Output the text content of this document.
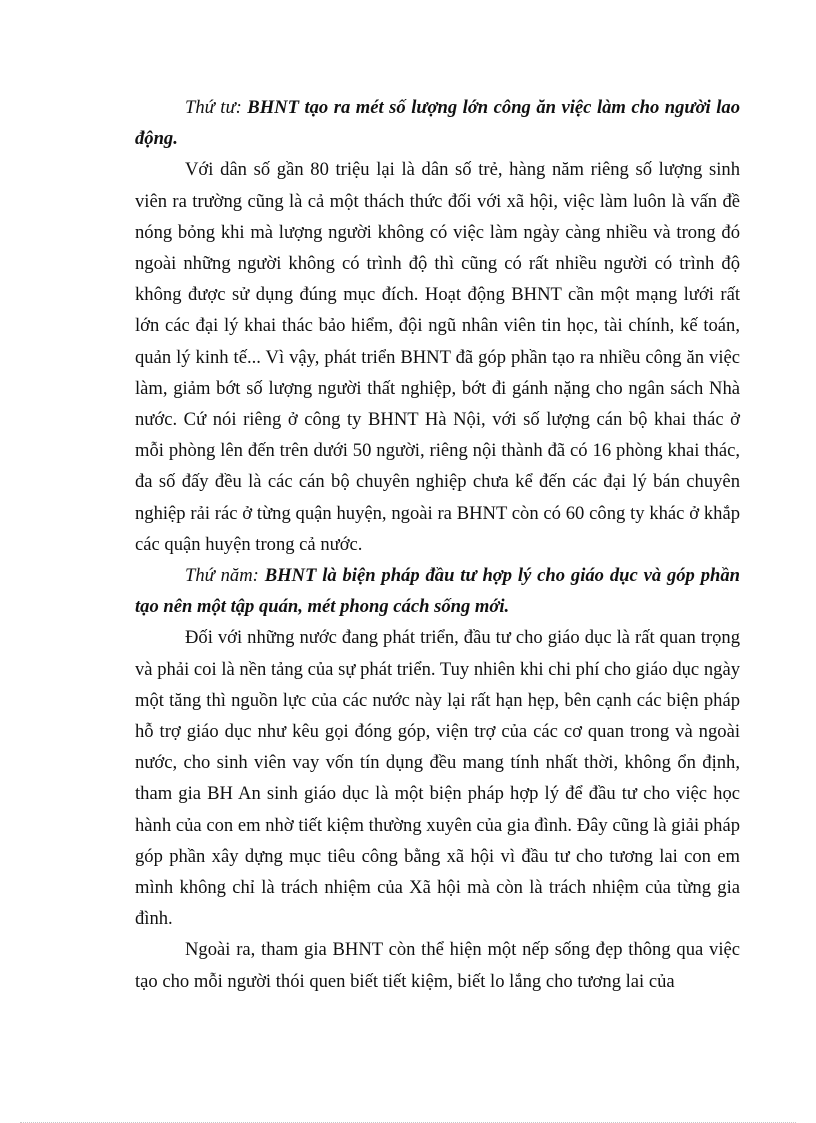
Thứ tư: BHNT tạo ra mét số lượng lớn công ăn việc làm cho người lao động.

Với dân số gần 80 triệu lại là dân số trẻ, hàng năm riêng số lượng sinh viên ra trường cũng là cả một thách thức đối với xã hội, việc làm luôn là vấn đề nóng bỏng khi mà lượng người không có việc làm ngày càng nhiều và trong đó ngoài những người không có trình độ thì cũng có rất nhiều người có trình độ không được sử dụng đúng mục đích. Hoạt động BHNT cần một mạng lưới rất lớn các đại lý khai thác bảo hiểm, đội ngũ nhân viên tin học, tài chính, kế toán, quản lý kinh tế... Vì vậy, phát triển BHNT đã góp phần tạo ra nhiều công ăn việc làm, giảm bớt số lượng người thất nghiệp, bớt đi gánh nặng cho ngân sách Nhà nước. Cứ nói riêng ở công ty BHNT Hà Nội, với số lượng cán bộ khai thác ở mỗi phòng lên đến trên dưới 50 người, riêng nội thành đã có 16 phòng khai thác, đa số đấy đều là các cán bộ chuyên nghiệp chưa kể đến các đại lý bán chuyên nghiệp rải rác ở từng quận huyện, ngoài ra BHNT còn có 60 công ty khác ở khắp các quận huyện trong cả nước.

Thứ năm: BHNT là biện pháp đầu tư hợp lý cho giáo dục và góp phần tạo nên một tập quán, mét phong cách sống mới.

Đối với những nước đang phát triển, đầu tư cho giáo dục là rất quan trọng và phải coi là nền tảng của sự phát triển. Tuy nhiên khi chi phí cho giáo dục ngày một tăng thì nguồn lực của các nước này lại rất hạn hẹp, bên cạnh các biện pháp hỗ trợ giáo dục như kêu gọi đóng góp, viện trợ của các cơ quan trong và ngoài nước, cho sinh viên vay vốn tín dụng đều mang tính nhất thời, không ổn định, tham gia BH An sinh giáo dục là một biện pháp hợp lý để đầu tư cho việc học hành của con em nhờ tiết kiệm thường xuyên của gia đình. Đây cũng là giải pháp góp phần xây dựng mục tiêu công bằng xã hội vì đầu tư cho tương lai con em mình không chỉ là trách nhiệm của Xã hội mà còn là trách nhiệm của từng gia đình.

Ngoài ra, tham gia BHNT còn thể hiện một nếp sống đẹp thông qua việc tạo cho mỗi người thói quen biết tiết kiệm, biết lo lắng cho tương lai của
